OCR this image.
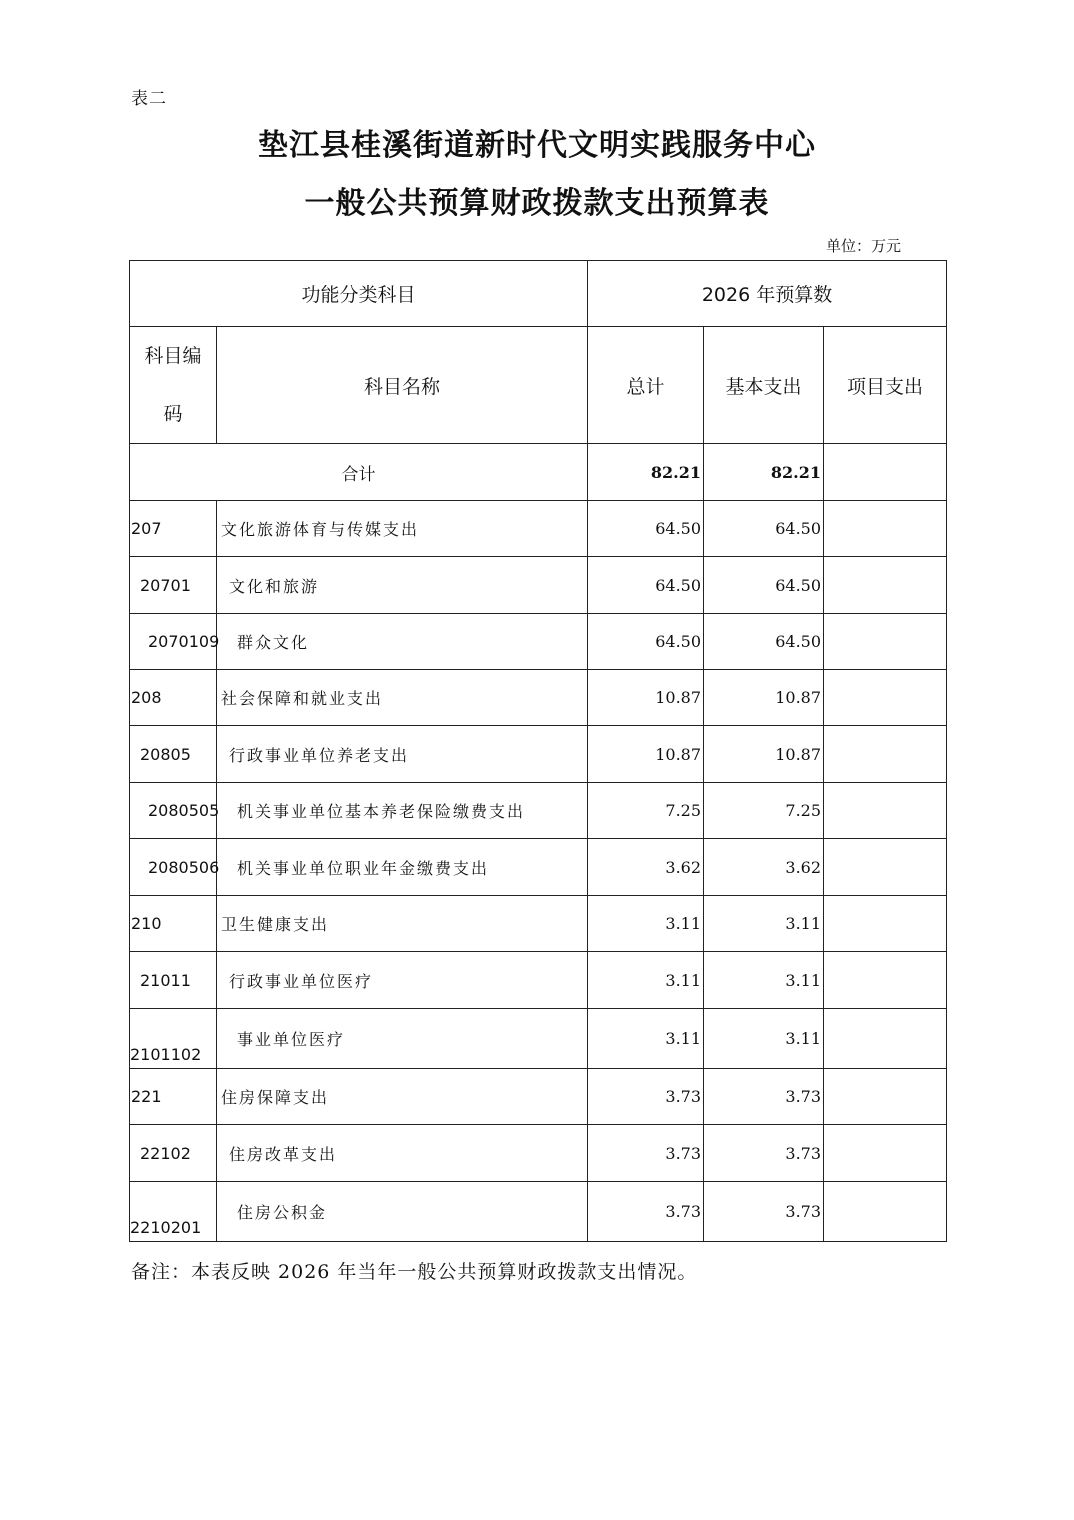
表二
垫江县桂溪街道新时代文明实践服务中心
一般公共预算财政拨款支出预算表
单位：万元
功能分类科目		2026 年预算数		

科目编码	科目名称	总计	基本支出	项目支出
合计		82.21	82.21	
207	文化旅游体育与传媒支出	64.50	64.50	
20701	文化和旅游	64.50	64.50	
2070109	群众文化	64.50	64.50	
208	社会保障和就业支出	10.87	10.87	
20805	行政事业单位养老支出	10.87	10.87	
2080505	机关事业单位基本养老保险缴费支出	7.25	7.25	
2080506	机关事业单位职业年金缴费支出	3.62	3.62	
210	卫生健康支出	3.11	3.11	
21011	行政事业单位医疗	3.11	3.11	
2101102	事业单位医疗	3.11	3.11	
221	住房保障支出	3.73	3.73	
22102	住房改革支出	3.73	3.73	
2210201	住房公积金	3.73	3.73	
备注：本表反映 2026 年当年一般公共预算财政拨款支出情况。
